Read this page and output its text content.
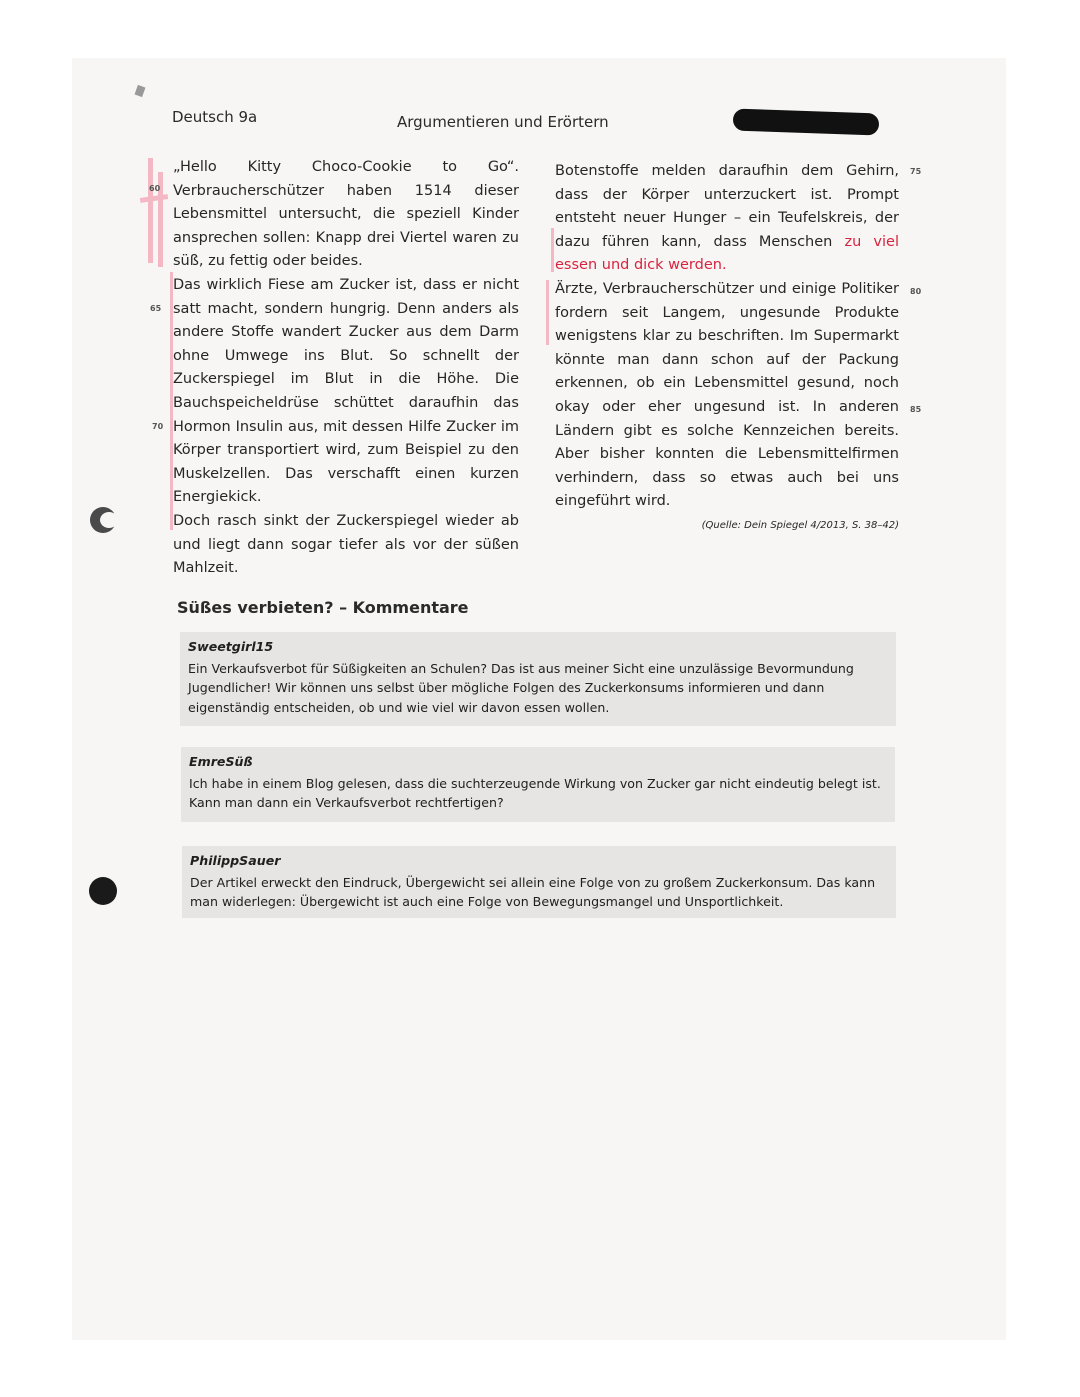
Deutsch 9a	Argumentieren und Erörtern
60
65
70
75
80
85

„Hello Kitty Choco-Cookie to Go“. Verbraucherschützer haben 1514 dieser Lebensmittel untersucht, die speziell Kinder ansprechen sollen: Knapp drei Viertel waren zu süß, zu fettig oder beides.

Das wirklich Fiese am Zucker ist, dass er nicht satt macht, sondern hungrig. Denn anders als andere Stoffe wandert Zucker aus dem Darm ohne Umwege ins Blut. So schnellt der Zuckerspiegel im Blut in die Höhe. Die Bauchspeicheldrüse schüttet daraufhin das Hormon Insulin aus, mit dessen Hilfe Zucker im Körper transportiert wird, zum Beispiel zu den Muskelzellen. Das verschafft einen kurzen Energiekick.

Doch rasch sinkt der Zuckerspiegel wieder ab und liegt dann sogar tiefer als vor der süßen Mahlzeit.

Botenstoffe melden daraufhin dem Gehirn, dass der Körper unterzuckert ist. Prompt entsteht neuer Hunger – ein Teufelskreis, der dazu führen kann, dass Menschen zu viel essen und dick werden.

Ärzte, Verbraucherschützer und einige Politiker fordern seit Langem, ungesunde Produkte wenigstens klar zu beschriften. Im Supermarkt könnte man dann schon auf der Packung erkennen, ob ein Lebensmittel gesund, noch okay oder eher ungesund ist. In anderen Ländern gibt es solche Kennzeichen bereits. Aber bisher konnten die Lebensmittelfirmen verhindern, dass so etwas auch bei uns eingeführt wird.

(Quelle: Dein Spiegel 4/2013, S. 38–42)

Süßes verbieten? – Kommentare
Sweetgirl15
Ein Verkaufsverbot für Süßigkeiten an Schulen? Das ist aus meiner Sicht eine unzulässige Bevormundung Jugendlicher! Wir können uns selbst über mögliche Folgen des Zuckerkonsums informieren und dann eigenständig entscheiden, ob und wie viel wir davon essen wollen.
EmreSüß
Ich habe in einem Blog gelesen, dass die suchterzeugende Wirkung von Zucker gar nicht eindeutig belegt ist. Kann man dann ein Verkaufsverbot rechtfertigen?
PhilippSauer
Der Artikel erweckt den Eindruck, Übergewicht sei allein eine Folge von zu großem Zuckerkonsum. Das kann man widerlegen: Übergewicht ist auch eine Folge von Bewegungsmangel und Unsportlichkeit.
